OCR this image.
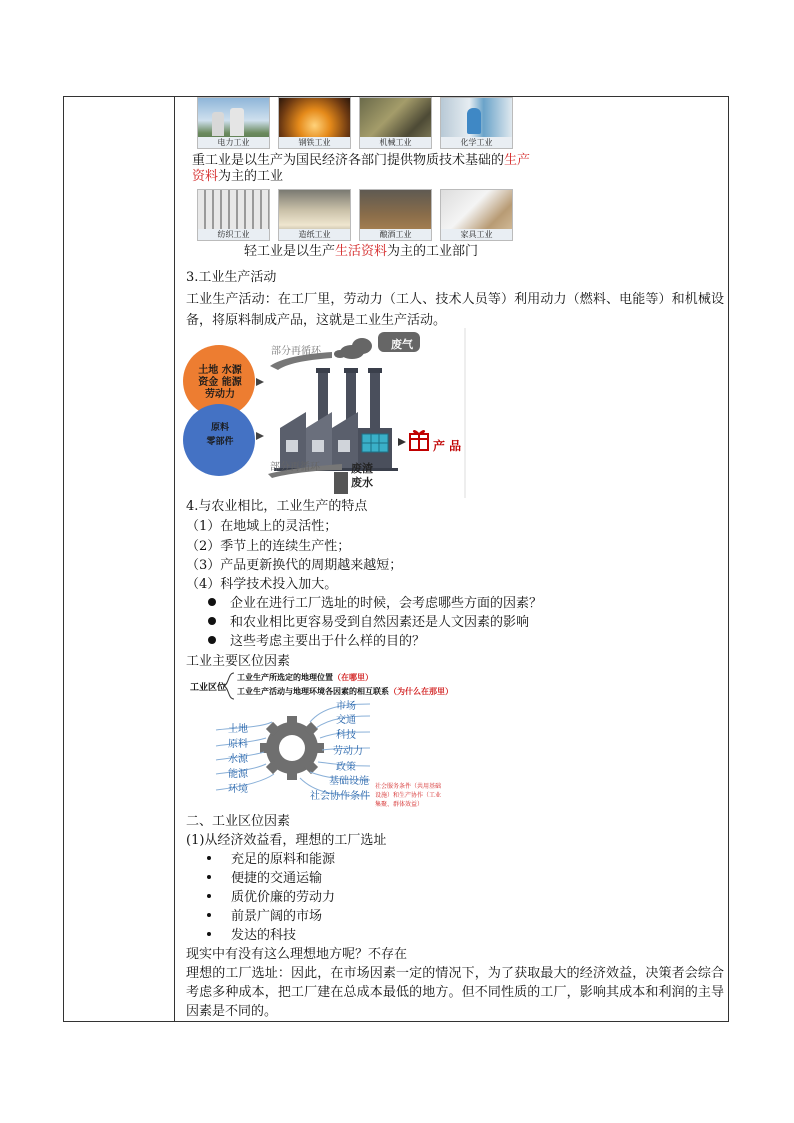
电力工业	钢铁工业	机械工业	化学工业
重工业是以生产为国民经济各部门提供物质技术基础的生产资料为主的工业
纺织工业	造纸工业	酿酒工业	家具工业
轻工业是以生产生活资料为主的工业部门
3.工业生产活动
工业生产活动：在工厂里，劳动力（工人、技术人员等）利用动力（燃料、电能等）和机械设备，将原料制成产品，这就是工业生产活动。
部分再循环
废气
土地 水源
资金 能源
劳动力
原料
零部件	产 品
部分再循环	废渣
废水
4.与农业相比，工业生产的特点
（1）在地域上的灵活性；
（2）季节上的连续生产性；
（3）产品更新换代的周期越来越短；
（4）科学技术投入加大。
企业在进行工厂选址的时候，会考虑哪些方面的因素？
和农业相比更容易受到自然因素还是人文因素的影响
这些考虑主要出于什么样的目的？
工业主要区位因素
工业区位
工业生产所选定的地理位置（在哪里）
工业生产活动与地理环境各因素的相互联系（为什么在那里）
土地
原料
水源
能源
环境
市场
交通
科技
劳动力
政策
基础设施
社会协作条件
社会服务条件（共用基础
设施）和生产协作（工业
集聚、群体效益）
二、工业区位因素
(1)从经济效益看，理想的工厂选址
充足的原料和能源
便捷的交通运输
质优价廉的劳动力
前景广阔的市场
发达的科技
现实中有没有这么理想地方呢？不存在
理想的工厂选址：因此，在市场因素一定的情况下，为了获取最大的经济效益，决策者会综合考虑多种成本，把工厂建在总成本最低的地方。但不同性质的工厂，影响其成本和利润的主导因素是不同的。
